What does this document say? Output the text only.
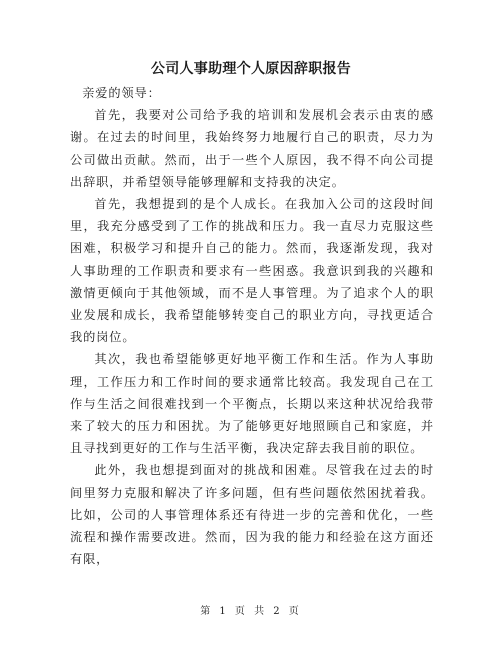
公司人事助理个人原因辞职报告

亲爱的领导：

首先，我要对公司给予我的培训和发展机会表示由衷的感谢。在过去的时间里，我始终努力地履行自己的职责，尽力为公司做出贡献。然而，出于一些个人原因，我不得不向公司提出辞职，并希望领导能够理解和支持我的决定。

首先，我想提到的是个人成长。在我加入公司的这段时间里，我充分感受到了工作的挑战和压力。我一直尽力克服这些困难，积极学习和提升自己的能力。然而，我逐渐发现，我对人事助理的工作职责和要求有一些困惑。我意识到我的兴趣和激情更倾向于其他领域，而不是人事管理。为了追求个人的职业发展和成长，我希望能够转变自己的职业方向，寻找更适合我的岗位。

其次，我也希望能够更好地平衡工作和生活。作为人事助理，工作压力和工作时间的要求通常比较高。我发现自己在工作与生活之间很难找到一个平衡点，长期以来这种状况给我带来了较大的压力和困扰。为了能够更好地照顾自己和家庭，并且寻找到更好的工作与生活平衡，我决定辞去我目前的职位。

此外，我也想提到面对的挑战和困难。尽管我在过去的时间里努力克服和解决了许多问题，但有些问题依然困扰着我。比如，公司的人事管理体系还有待进一步的完善和优化，一些流程和操作需要改进。然而，因为我的能力和经验在这方面还有限，

第 1 页 共 2 页
